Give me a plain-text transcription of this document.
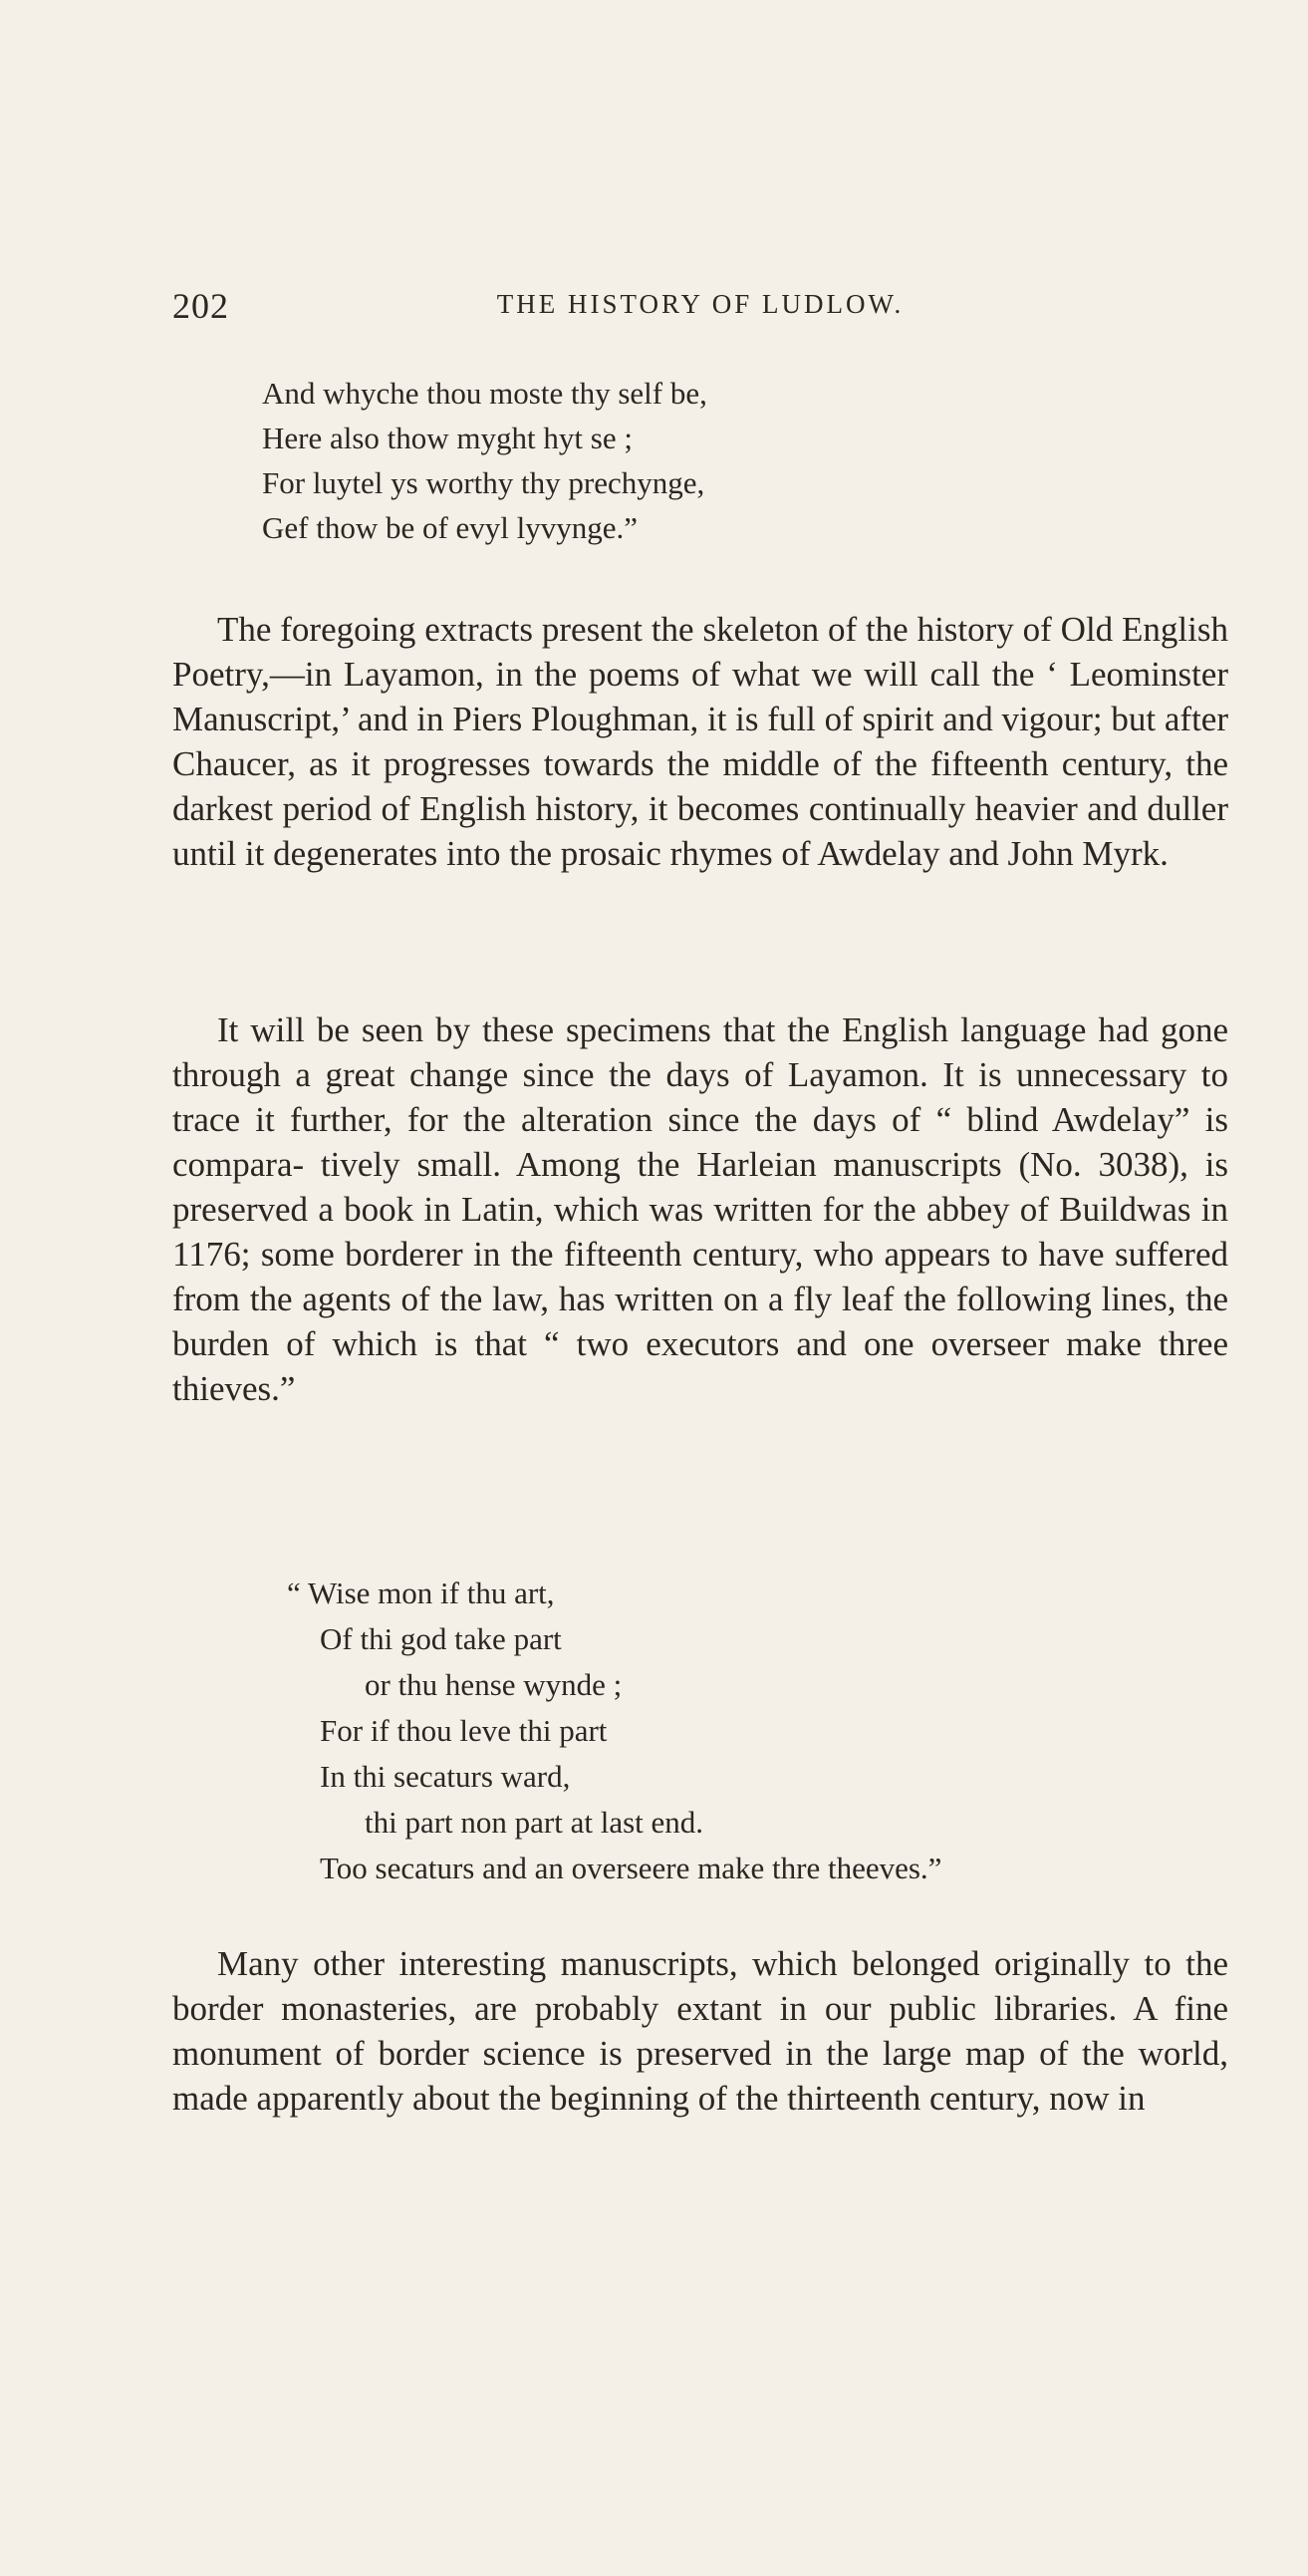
202	THE HISTORY OF LUDLOW.
And whyche thou moste thy self be,
Here also thow myght hyt se ;
For luytel ys worthy thy prechynge,
Gef thow be of evyl lyvynge.”

The foregoing extracts present the skeleton of the history of Old English Poetry,—in Layamon, in the poems of what we will call the ‘ Leominster Manuscript,’ and in Piers Ploughman, it is full of spirit and vigour; but after Chaucer, as it progresses towards the middle of the fifteenth century, the darkest period of English history, it becomes continually heavier and duller until it degenerates into the prosaic rhymes of Awdelay and John Myrk.

It will be seen by these specimens that the English language had gone through a great change since the days of Layamon. It is unnecessary to trace it further, for the alteration since the days of “ blind Awdelay” is compara- tively small. Among the Harleian manuscripts (No. 3038), is preserved a book in Latin, which was written for the abbey of Buildwas in 1176; some borderer in the fifteenth century, who appears to have suffered from the agents of the law, has written on a fly leaf the following lines, the burden of which is that “ two executors and one overseer make three thieves.”

“ Wise mon if thu art,
Of thi god take part
or thu hense wynde ;
For if thou leve thi part
In thi secaturs ward,
thi part non part at last end.
Too secaturs and an overseere make thre theeves.”

Many other interesting manuscripts, which belonged originally to the border monasteries, are probably extant in our public libraries. A fine monument of border science is preserved in the large map of the world, made apparently about the beginning of the thirteenth century, now in
